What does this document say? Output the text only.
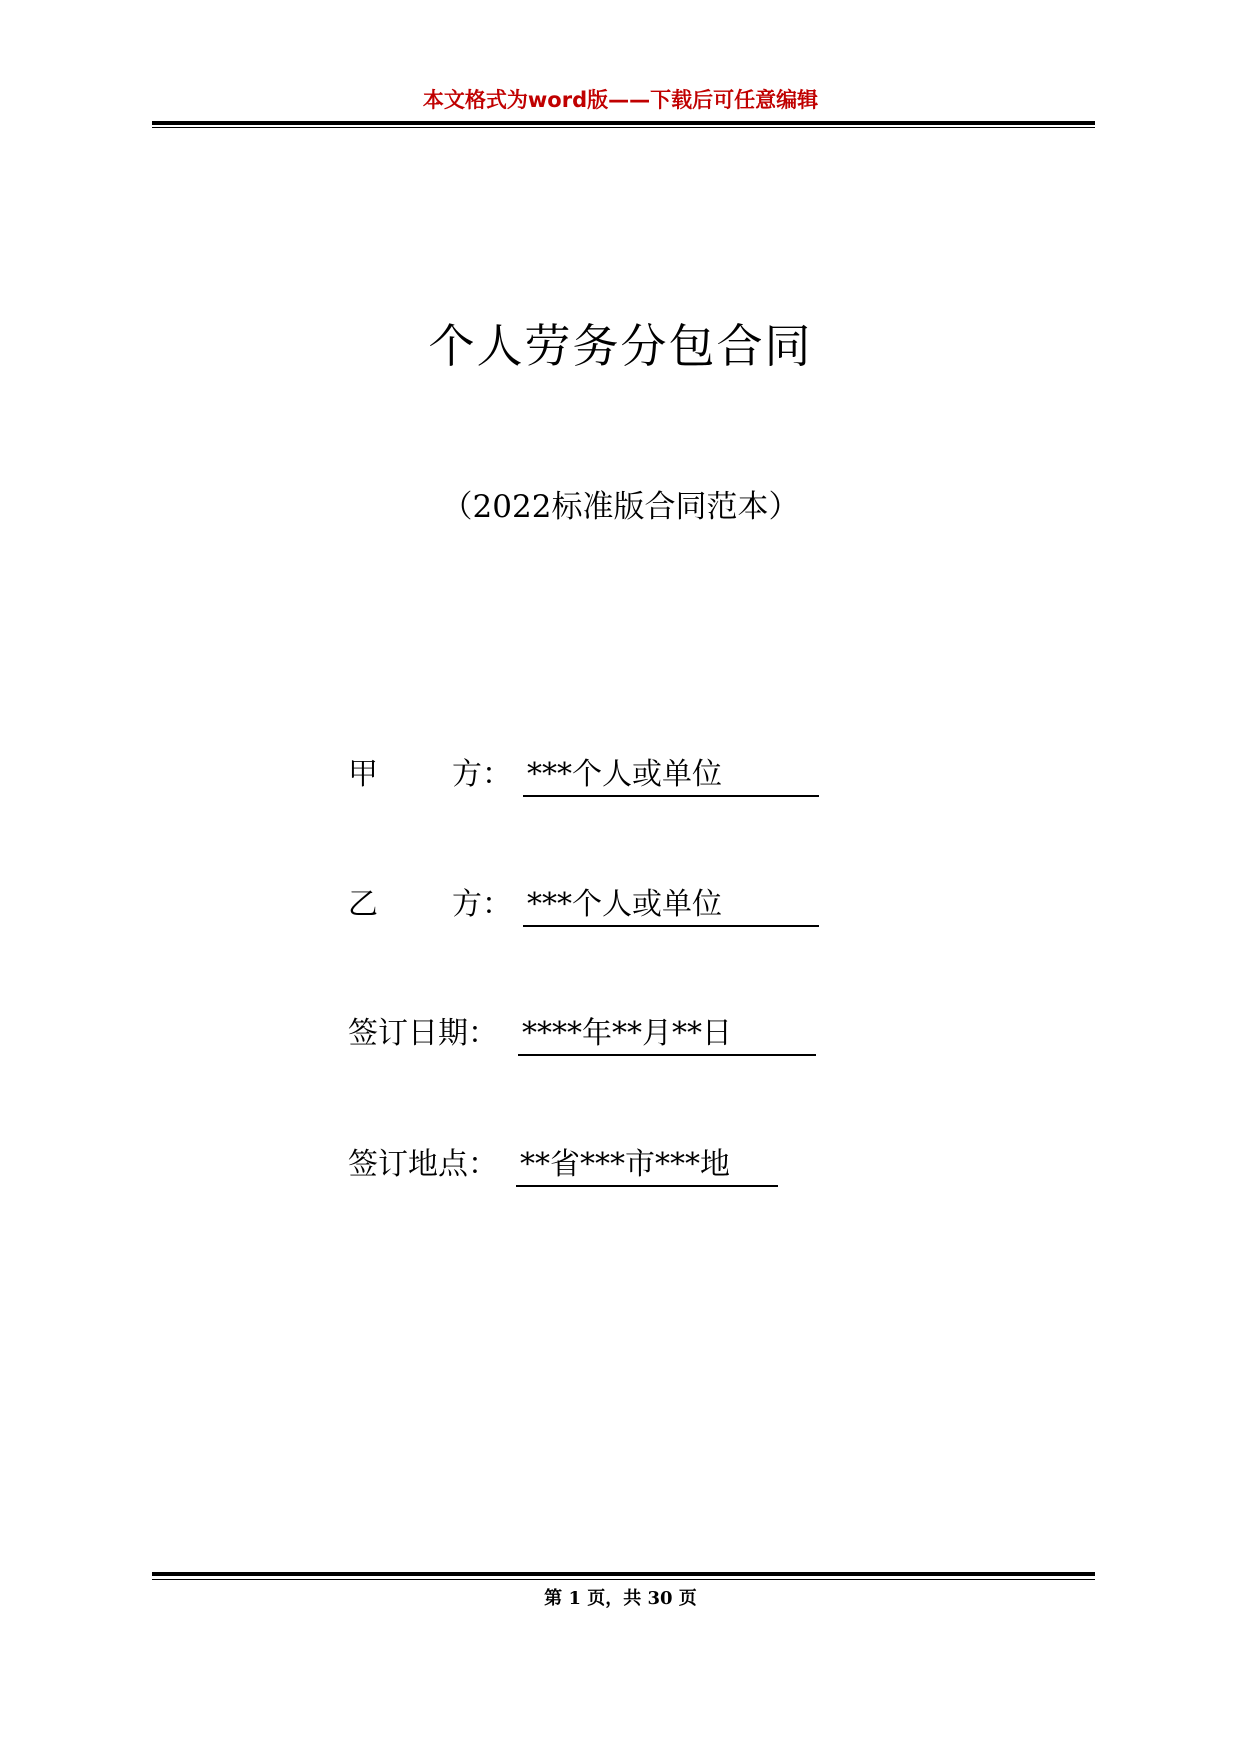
本文格式为word版——下载后可任意编辑
个人劳务分包合同
（2022标准版合同范本）
甲 方： ***个人或单位
乙 方： ***个人或单位
签订日期： ****年**月**日
签订地点： **省***市***地
第 1 页，共 30 页
